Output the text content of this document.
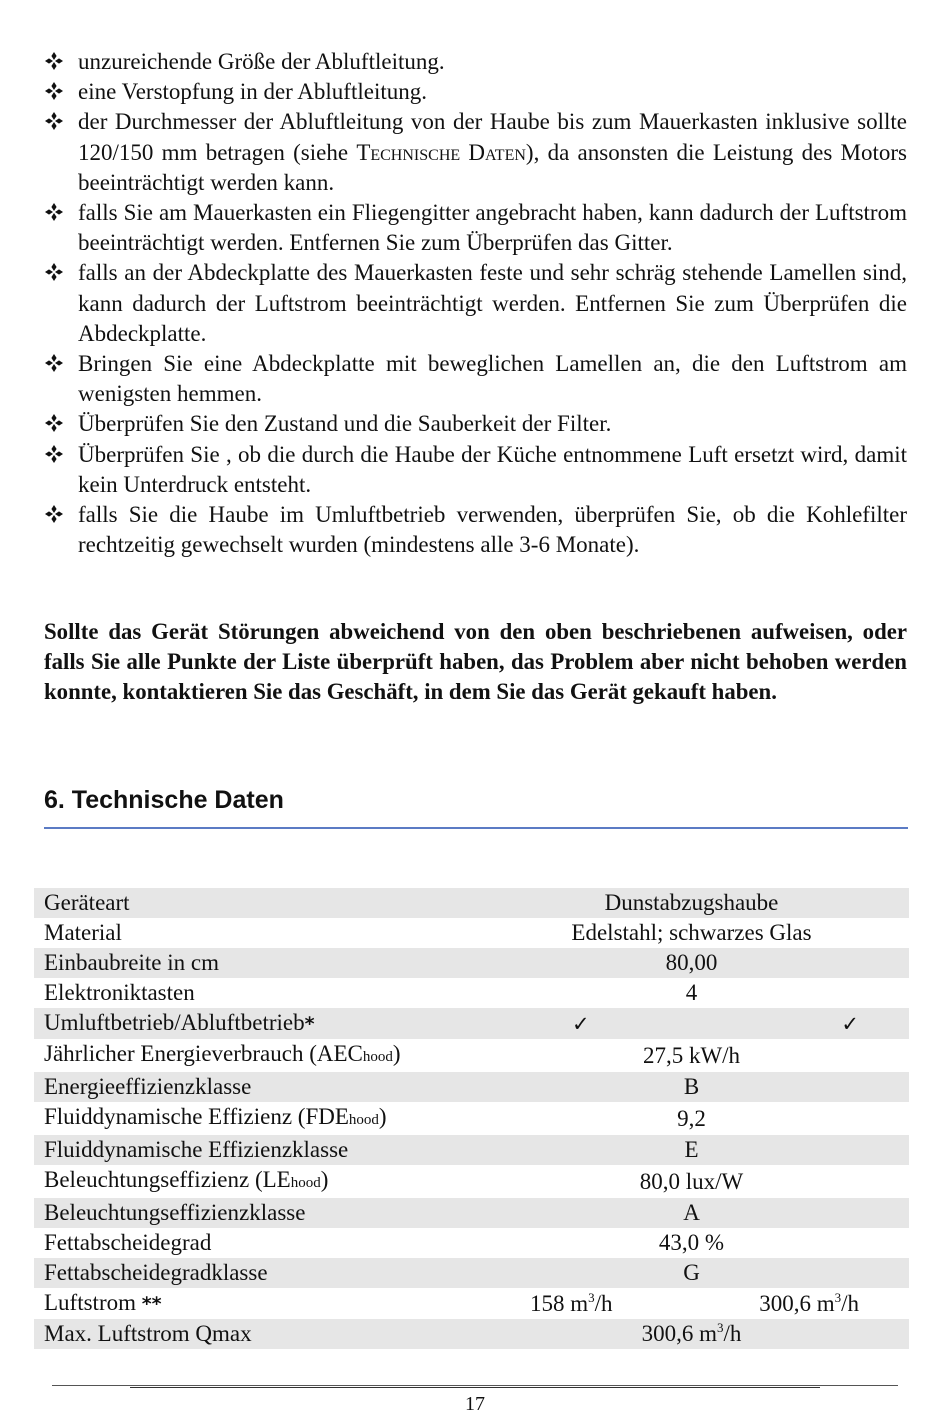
unzureichende Größe der Abluftleitung.
eine Verstopfung in der Abluftleitung.
der Durchmesser der Abluftleitung von der Haube bis zum Mauerkasten inklusive sollte 120/150 mm betragen (siehe Technische Daten), da ansonsten die Leistung des Motors beeinträchtigt werden kann.
falls Sie am Mauerkasten ein Fliegengitter angebracht haben, kann dadurch der Luftstrom beeinträchtigt werden. Entfernen Sie zum Überprüfen das Gitter.
falls an der Abdeckplatte des Mauerkasten feste und sehr schräg stehende Lamellen sind, kann dadurch der Luftstrom beeinträchtigt werden. Entfernen Sie zum Überprüfen die Abdeckplatte.
Bringen Sie eine Abdeckplatte mit beweglichen Lamellen an, die den Luftstrom am wenigsten hemmen.
Überprüfen Sie den Zustand und die Sauberkeit der Filter.
Überprüfen Sie , ob die durch die Haube der Küche entnommene Luft ersetzt wird, damit kein Unterdruck entsteht.
falls Sie die Haube im Umluftbetrieb verwenden, überprüfen Sie, ob die Kohlefilter rechtzeitig gewechselt wurden (mindestens alle 3-6 Monate).

Sollte das Gerät Störungen abweichend von den oben beschriebenen aufweisen, oder falls Sie alle Punkte der Liste überprüft haben, das Problem aber nicht behoben werden konnte, kontaktieren Sie das Geschäft, in dem Sie das Gerät gekauft haben.

6. Technische Daten
Geräteart	Dunstabzugshaube
Material	Edelstahl; schwarzes Glas
Einbaubreite in cm	80,00
Elektroniktasten	4
Umluftbetrieb/Abluftbetrieb*	✓ ✓

Jährlicher Energieverbrauch (AEChood)	27,5 kW/h
Energieeffizienzklasse	B
Fluiddynamische Effizienz (FDEhood)	9,2
Fluiddynamische Effizienzklasse	E
Beleuchtungseffizienz (LEhood)	80,0 lux/W
Beleuchtungseffizienzklasse	A
Fettabscheidegrad	43,0 %
Fettabscheidegradklasse	G
Luftstrom **	158 $m^3/h$ 300,6 $m^3/h$

Max. Luftstrom Qmax	300,6 $m^3/h$
17
